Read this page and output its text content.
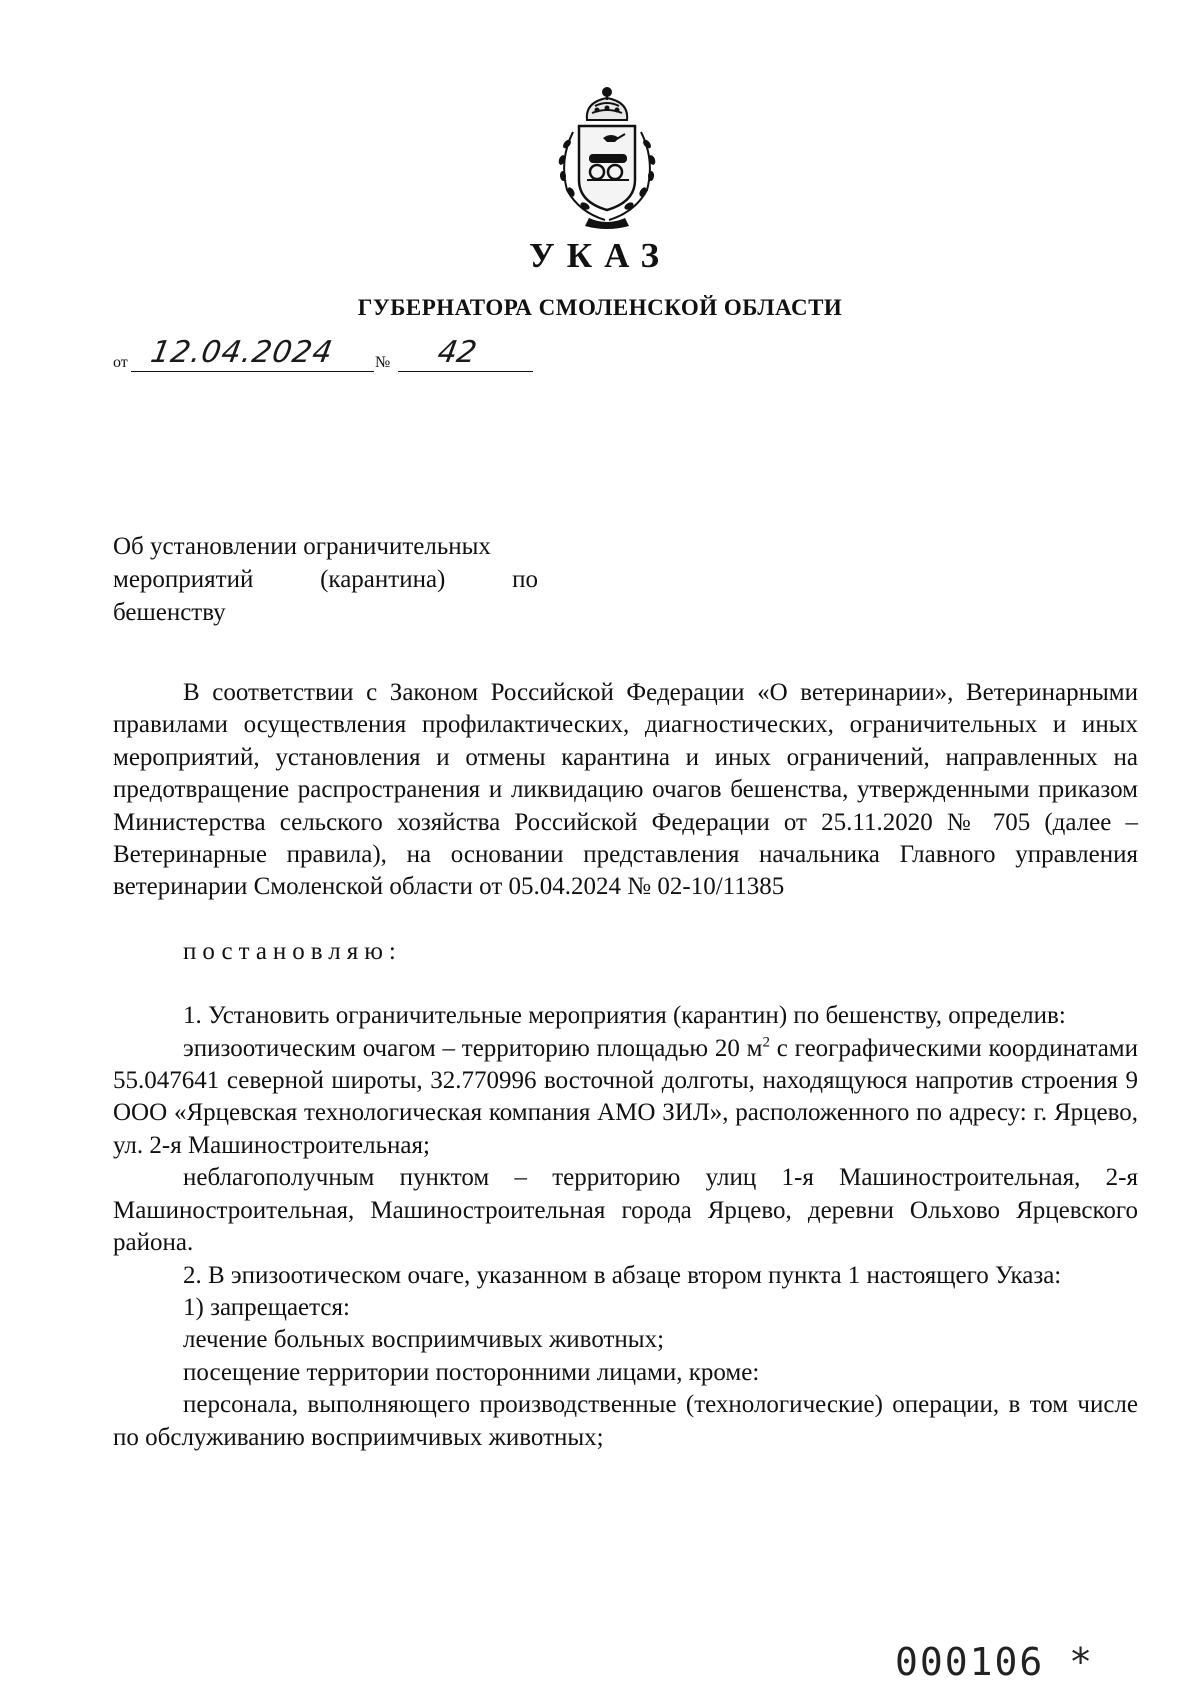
УКАЗ
ГУБЕРНАТОРА СМОЛЕНСКОЙ ОБЛАСТИ
от 12.04.2024 № 42
Об установлении ограничительных
мероприятий (карантина) по
бешенству

В соответствии с Законом Российской Федерации «О ветеринарии», Ветеринарными правилами осуществления профилактических, диагностических, ограничительных и иных мероприятий, установления и отмены карантина и иных ограничений, направленных на предотвращение распространения и ликвидацию очагов бешенства, утвержденными приказом Министерства сельского хозяйства Российской Федерации от 25.11.2020 № 705 (далее – Ветеринарные правила), на основании представления начальника Главного управления ветеринарии Смоленской области от 05.04.2024 № 02-10/11385

постановляю:

1. Установить ограничительные мероприятия (карантин) по бешенству, определив:

эпизоотическим очагом – территорию площадью 20 $м^2$ с географическими координатами 55.047641 северной широты, 32.770996 восточной долготы, находящуюся напротив строения 9 ООО «Ярцевская технологическая компания АМО ЗИЛ», расположенного по адресу: г. Ярцево, ул. 2-я Машиностроительная;

неблагополучным пунктом – территорию улиц 1-я Машиностроительная, 2-я Машиностроительная, Машиностроительная города Ярцево, деревни Ольхово Ярцевского района.

2. В эпизоотическом очаге, указанном в абзаце втором пункта 1 настоящего Указа:

1) запрещается:

лечение больных восприимчивых животных;

посещение территории посторонними лицами, кроме:

персонала, выполняющего производственные (технологические) операции, в том числе по обслуживанию восприимчивых животных;

000106 *
